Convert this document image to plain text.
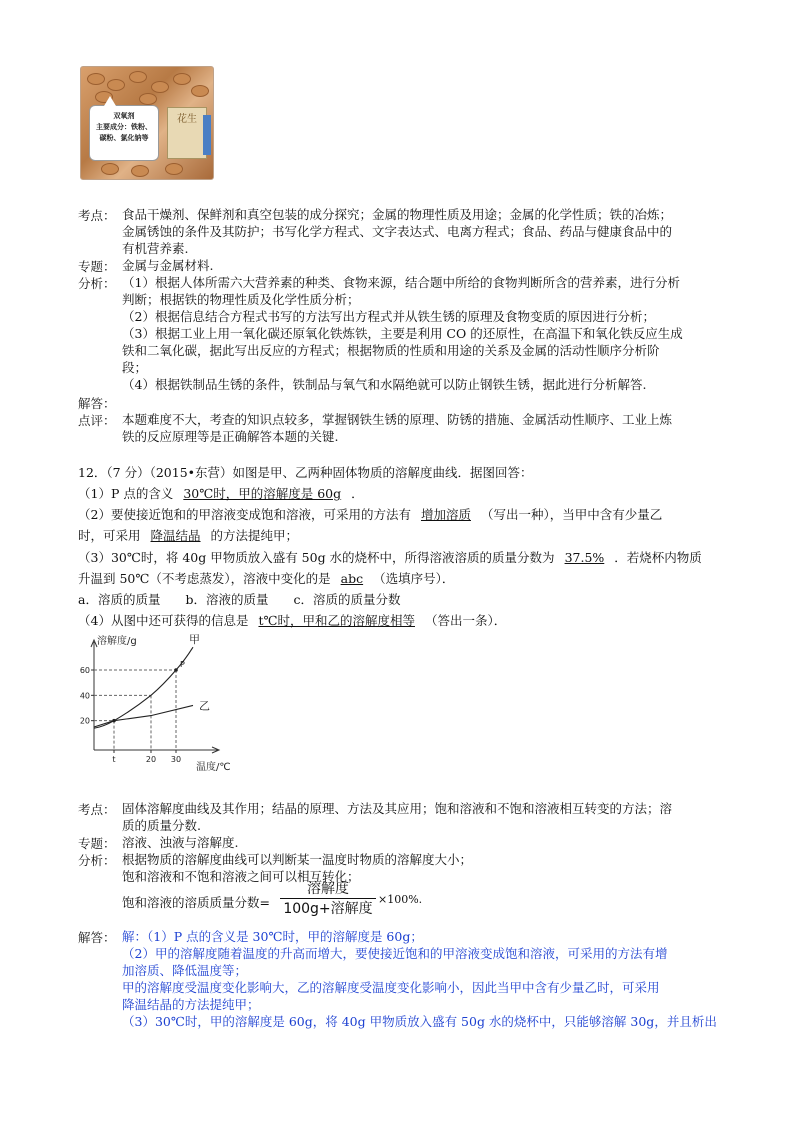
双氧剂
主要成分：铁粉、
碳粉、氯化钠等
花生
考点： 食品干燥剂、保鲜剂和真空包装的成分探究；金属的物理性质及用途；金属的化学性质；铁的冶炼；
金属锈蚀的条件及其防护；书写化学方程式、文字表达式、电离方程式；食品、药品与健康食品中的
有机营养素.
专题： 金属与金属材料.
分析： （1）根据人体所需六大营养素的种类、食物来源，结合题中所给的食物判断所含的营养素，进行分析
判断；根据铁的物理性质及化学性质分析；
（2）根据信息结合方程式书写的方法写出方程式并从铁生锈的原理及食物变质的原因进行分析；
（3）根据工业上用一氧化碳还原氧化铁炼铁，主要是利用 CO 的还原性，在高温下和氧化铁反应生成
铁和二氧化碳，据此写出反应的方程式；根据物质的性质和用途的关系及金属的活动性顺序分析阶
段；
（4）根据铁制品生锈的条件，铁制品与氧气和水隔绝就可以防止钢铁生锈，据此进行分析解答.
解答：
点评： 本题难度不大，考查的知识点较多，掌握钢铁生锈的原理、防锈的措施、金属活动性顺序、工业上炼
铁的反应原理等是正确解答本题的关键.
12．（7 分）（2015•东营）如图是甲、乙两种固体物质的溶解度曲线．据图回答：
（1）P 点的含义 30℃时，甲的溶解度是 60g ．
（2）要使接近饱和的甲溶液变成饱和溶液，可采用的方法有 增加溶质 （写出一种），当甲中含有少量乙
时，可采用 降温结晶 的方法提纯甲；
（3）30℃时，将 40g 甲物质放入盛有 50g 水的烧杯中，所得溶液溶质的质量分数为 37.5% ．若烧杯内物质
升温到 50℃（不考虑蒸发），溶液中变化的是 abc （选填序号）．
a．溶质的质量　　b．溶液的质量　　c．溶质的质量分数
（4）从图中还可获得的信息是 t℃时，甲和乙的溶解度相等 （答出一条）．
20
40
60
t	20 30
甲
乙
P
溶解度/g
温度/℃
考点： 固体溶解度曲线及其作用；结晶的原理、方法及其应用；饱和溶液和不饱和溶液相互转变的方法；溶
质的质量分数.
专题： 溶液、浊液与溶解度.
分析： 根据物质的溶解度曲线可以判断某一温度时物质的溶解度大小；
饱和溶液和不饱和溶液之间可以相互转化；
饱和溶液的溶质质量分数=
溶解度
100g+溶解度
×100%.
解答： 解：（1）P 点的含义是 30℃时，甲的溶解度是 60g；
（2）甲的溶解度随着温度的升高而增大，要使接近饱和的甲溶液变成饱和溶液，可采用的方法有增
加溶质、降低温度等；
甲的溶解度受温度变化影响大，乙的溶解度受温度变化影响小，因此当甲中含有少量乙时，可采用
降温结晶的方法提纯甲；
（3）30℃时，甲的溶解度是 60g，将 40g 甲物质放入盛有 50g 水的烧杯中，只能够溶解 30g，并且析出
